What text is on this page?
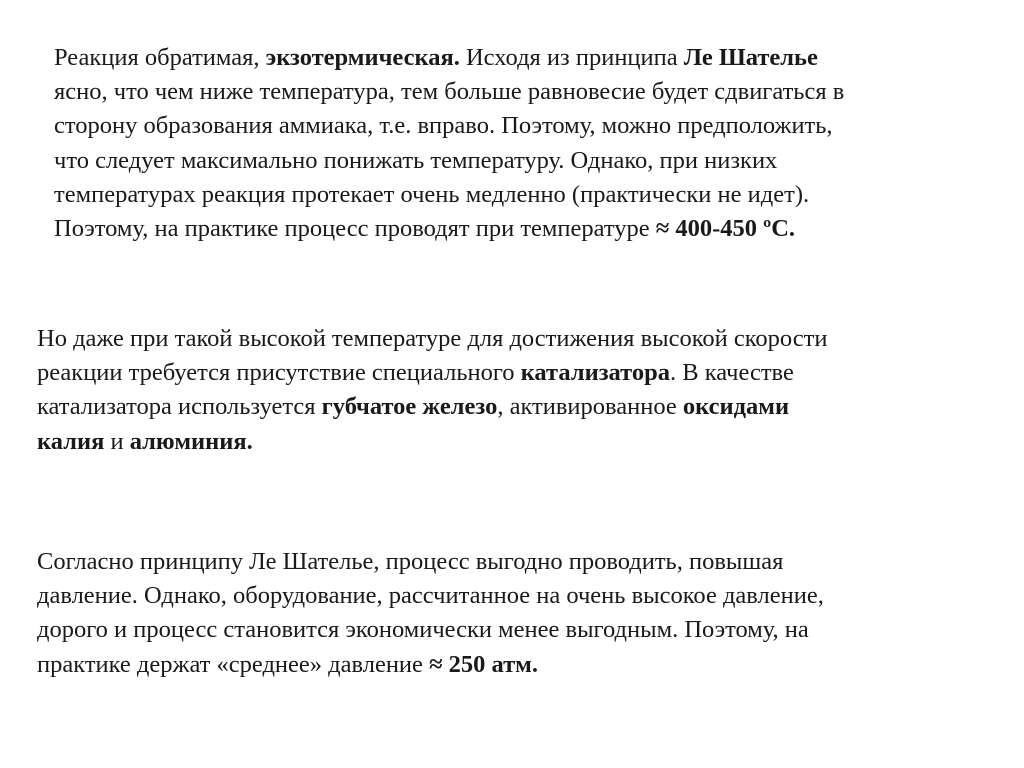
Реакция обратимая, экзотермическая. Исходя из принципа Ле Шателье
ясно, что чем ниже температура, тем больше равновесие будет сдвигаться в
сторону образования аммиака, т.е. вправо. Поэтому, можно предположить,
что следует максимально понижать температуру. Однако, при низких
температурах реакция протекает очень медленно (практически не идет).
Поэтому, на практике процесс проводят при температуре ≈ 400-450 ºС.

Но даже при такой высокой температуре для достижения высокой скорости
реакции требуется присутствие специального катализатора. В качестве
катализатора используется губчатое железо, активированное оксидами
калия и алюминия.

Согласно принципу Ле Шателье, процесс выгодно проводить, повышая
давление. Однако, оборудование, рассчитанное на очень высокое давление,
дорого и процесс становится экономически менее выгодным. Поэтому, на
практике держат «среднее» давление ≈ 250 атм.
